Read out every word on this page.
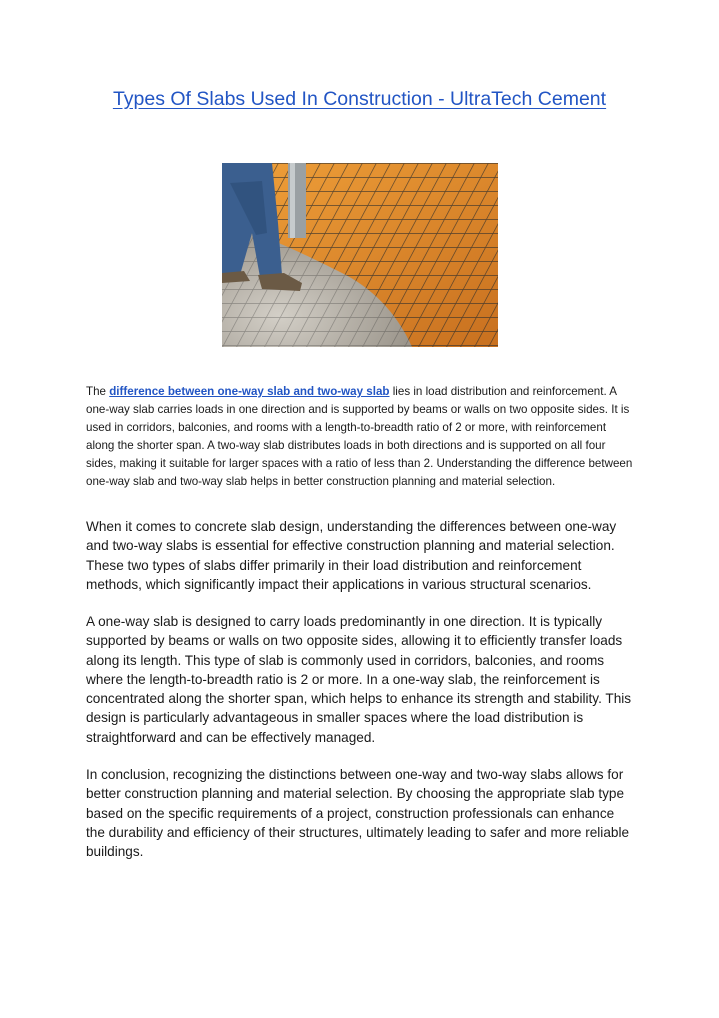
Types Of Slabs Used In Construction - UltraTech Cement

The difference between one-way slab and two-way slab lies in load distribution and reinforcement. A one-way slab carries loads in one direction and is supported by beams or walls on two opposite sides. It is used in corridors, balconies, and rooms with a length-to-breadth ratio of 2 or more, with reinforcement along the shorter span. A two-way slab distributes loads in both directions and is supported on all four sides, making it suitable for larger spaces with a ratio of less than 2. Understanding the difference between one-way slab and two-way slab helps in better construction planning and material selection.

When it comes to concrete slab design, understanding the differences between one-way and two-way slabs is essential for effective construction planning and material selection. These two types of slabs differ primarily in their load distribution and reinforcement methods, which significantly impact their applications in various structural scenarios.

A one-way slab is designed to carry loads predominantly in one direction. It is typically supported by beams or walls on two opposite sides, allowing it to efficiently transfer loads along its length. This type of slab is commonly used in corridors, balconies, and rooms where the length-to-breadth ratio is 2 or more. In a one-way slab, the reinforcement is concentrated along the shorter span, which helps to enhance its strength and stability. This design is particularly advantageous in smaller spaces where the load distribution is straightforward and can be effectively managed.

In conclusion, recognizing the distinctions between one-way and two-way slabs allows for better construction planning and material selection. By choosing the appropriate slab type based on the specific requirements of a project, construction professionals can enhance the durability and efficiency of their structures, ultimately leading to safer and more reliable buildings.
